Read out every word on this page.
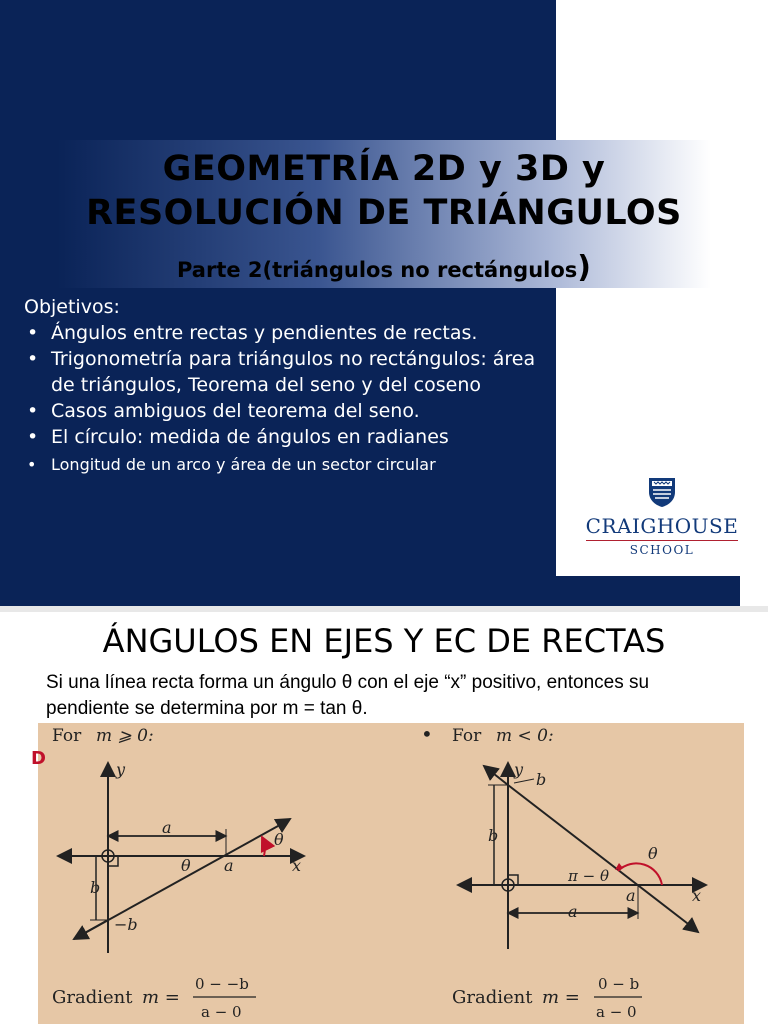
GEOMETRÍA 2D y 3D y
RESOLUCIÓN DE TRIÁNGULOS
Parte 2(triángulos no rectángulos)
Objetivos:
• Ángulos entre rectas y pendientes de rectas.
• Trigonometría para triángulos no rectángulos: área de triángulos, Teorema del seno y del coseno
• Casos ambiguos del teorema del seno.
• El círculo: medida de ángulos en radianes
• Longitud de un arco y área de un sector circular
CRAIGHOUSE
SCHOOL
ÁNGULOS EN EJES Y EC DE RECTAS
Si una línea recta forma un ángulo θ con el eje “x” positivo, entonces su pendiente se determina por m = tan θ.
For m ⩾ 0:
y
x
a
a
θ
θ
b
−b
Gradient m =
0 − −b
a − 0
• For m < 0:
y
x
b
b
a
a
π − θ
θ
Gradient m =
0 − b
a − 0
D
